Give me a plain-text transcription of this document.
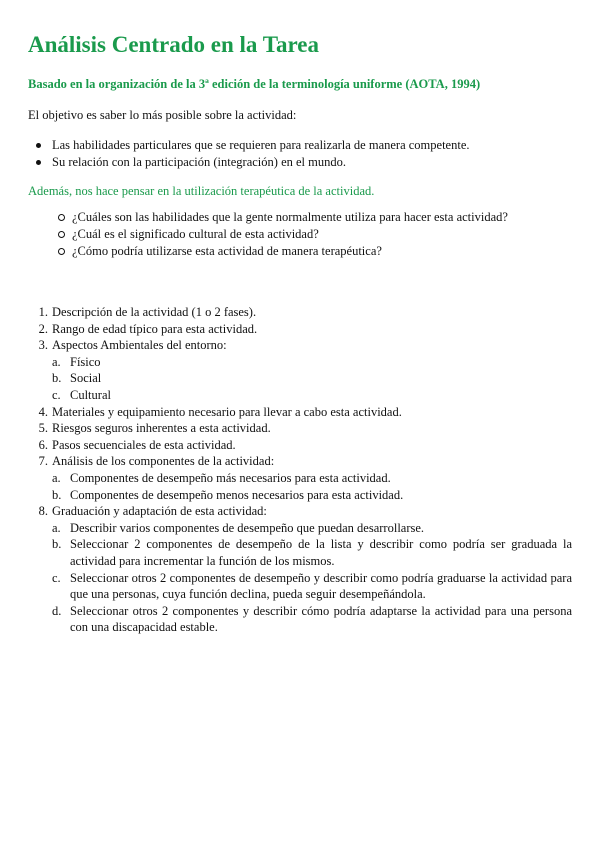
Análisis Centrado en la Tarea

Basado en la organización de la 3ª edición de la terminología uniforme (AOTA, 1994)

El objetivo es saber lo más posible sobre la actividad:

Las habilidades particulares que se requieren para realizarla de manera competente.
Su relación con la participación (integración) en el mundo.

Además, nos hace pensar en la utilización terapéutica de la actividad.

¿Cuáles son las habilidades que la gente normalmente utiliza para hacer esta actividad?
¿Cuál es el significado cultural de esta actividad?
¿Cómo podría utilizarse esta actividad de manera terapéutica?
1. Descripción de la actividad (1 o 2 fases).
2. Rango de edad típico para esta actividad.
3. Aspectos Ambientales del entorno:
a. Físico
b. Social
c. Cultural
4. Materiales y equipamiento necesario para llevar a cabo esta actividad.
5. Riesgos seguros inherentes a esta actividad.
6. Pasos secuenciales de esta actividad.
7. Análisis de los componentes de la actividad:
a. Componentes de desempeño más necesarios para esta actividad.
b. Componentes de desempeño menos necesarios para esta actividad.
8. Graduación y adaptación de esta actividad:
a. Describir varios componentes de desempeño que puedan desarrollarse.
b. Seleccionar 2 componentes de desempeño de la lista y describir como podría ser graduada la actividad para incrementar la función de los mismos.
c. Seleccionar otros 2 componentes de desempeño y describir como podría graduarse la actividad para que una personas, cuya función declina, pueda seguir desempeñándola.
d. Seleccionar otros 2 componentes y describir cómo podría adaptarse la actividad para una persona con una discapacidad estable.
